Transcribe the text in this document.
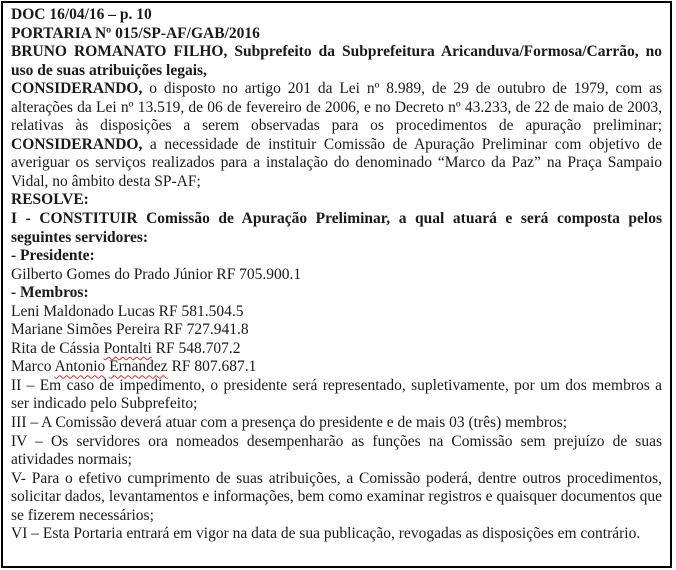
DOC 16/04/16 – p. 10
PORTARIA Nº 015/SP-AF/GAB/2016
BRUNO ROMANATO FILHO, Subprefeito da Subprefeitura Aricanduva/Formosa/Carrão, no uso de suas atribuições legais,
CONSIDERANDO, o disposto no artigo 201 da Lei nº 8.989, de 29 de outubro de 1979, com as alterações da Lei nº 13.519, de 06 de fevereiro de 2006, e no Decreto nº 43.233, de 22 de maio de 2003, relativas às disposições a serem observadas para os procedimentos de apuração preliminar; CONSIDERANDO, a necessidade de instituir Comissão de Apuração Preliminar com objetivo de averiguar os serviços realizados para a instalação do denominado “Marco da Paz” na Praça Sampaio Vidal, no âmbito desta SP-AF;
RESOLVE:
I - CONSTITUIR Comissão de Apuração Preliminar, a qual atuará e será composta pelos seguintes servidores:
- Presidente:
Gilberto Gomes do Prado Júnior RF 705.900.1
- Membros:
Leni Maldonado Lucas RF 581.504.5
Mariane Simões Pereira RF 727.941.8
Rita de Cássia Pontalti RF 548.707.2
Marco Antonio Ernandez RF 807.687.1
II – Em caso de impedimento, o presidente será representado, supletivamente, por um dos membros a ser indicado pelo Subprefeito;
III – A Comissão deverá atuar com a presença do presidente e de mais 03 (três) membros;
IV – Os servidores ora nomeados desempenharão as funções na Comissão sem prejuízo de suas atividades normais;
V- Para o efetivo cumprimento de suas atribuições, a Comissão poderá, dentre outros procedimentos, solicitar dados, levantamentos e informações, bem como examinar registros e quaisquer documentos que se fizerem necessários;
VI – Esta Portaria entrará em vigor na data de sua publicação, revogadas as disposições em contrário.
